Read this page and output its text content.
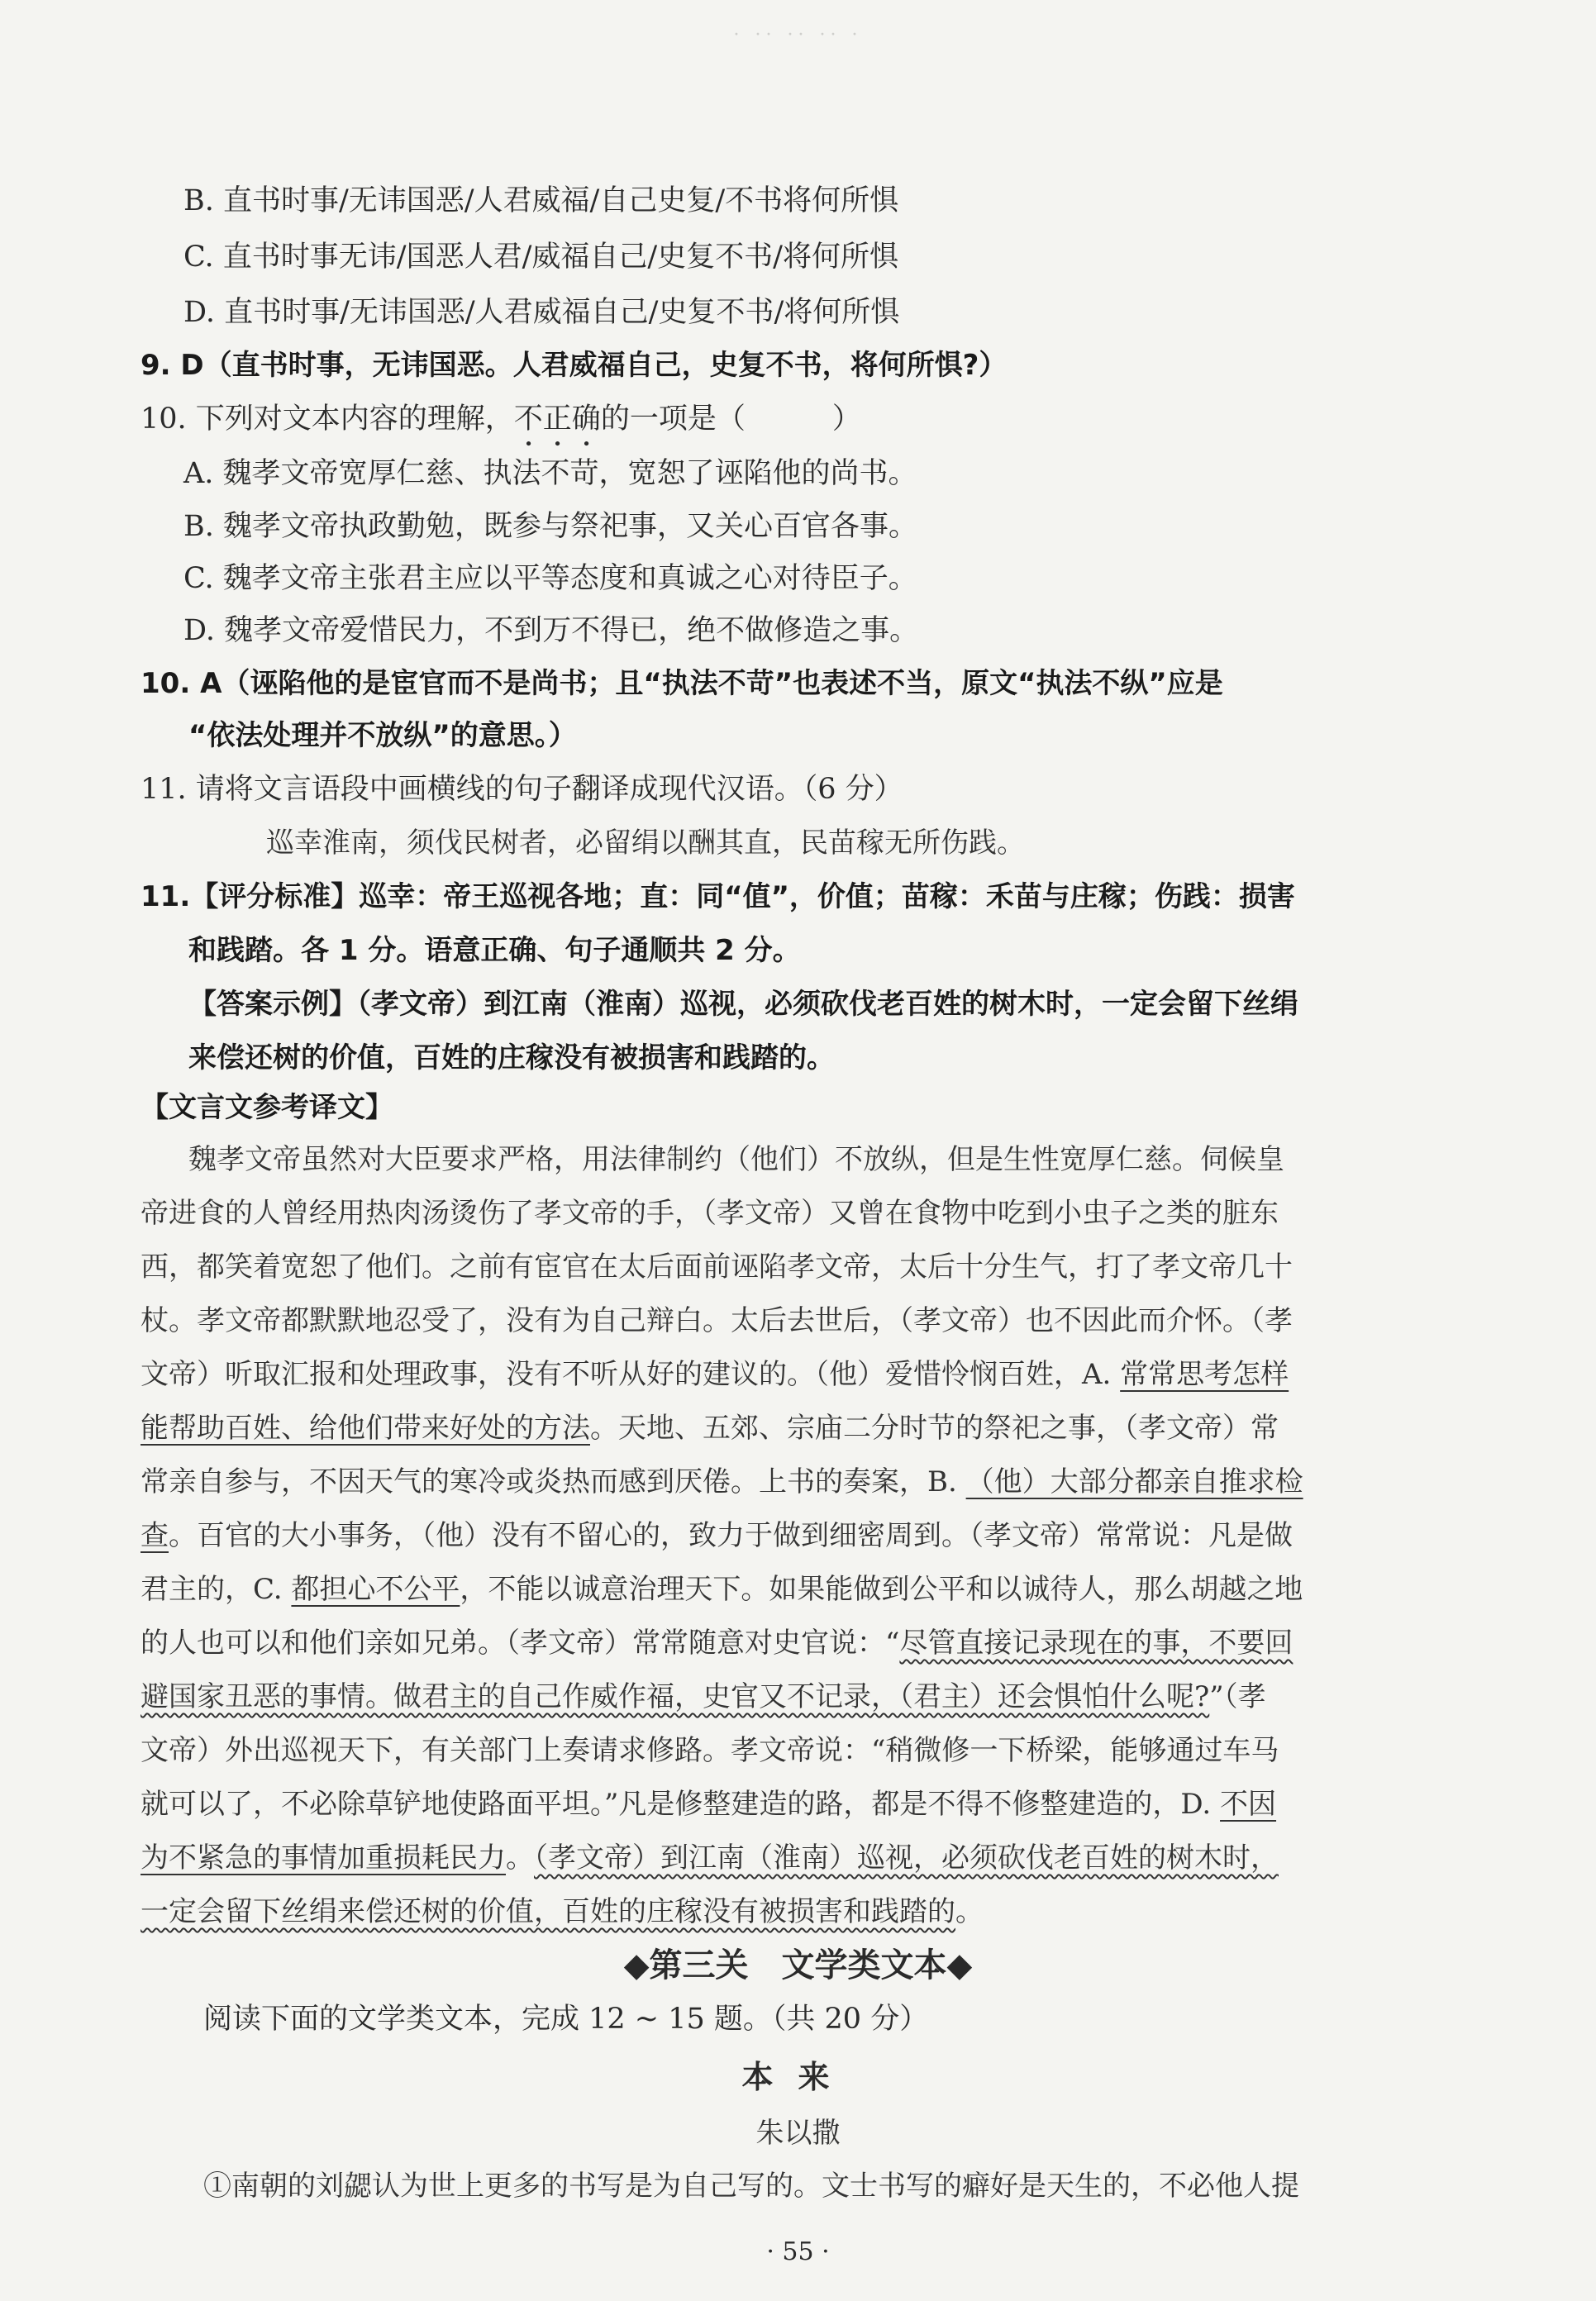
· ·· ·· ·· ·
B. 直书时事/无讳国恶/人君威福/自己史复/不书将何所惧
C. 直书时事无讳/国恶人君/威福自己/史复不书/将何所惧
D. 直书时事/无讳国恶/人君威福自己/史复不书/将何所惧
9. D（直书时事，无讳国恶。人君威福自己，史复不书，将何所惧?）
10. 下列对文本内容的理解，不正确的一项是（　　　）
A. 魏孝文帝宽厚仁慈、执法不苛，宽恕了诬陷他的尚书。
B. 魏孝文帝执政勤勉，既参与祭祀事，又关心百官各事。
C. 魏孝文帝主张君主应以平等态度和真诚之心对待臣子。
D. 魏孝文帝爱惜民力，不到万不得已，绝不做修造之事。
10. A（诬陷他的是宦官而不是尚书；且“执法不苛”也表述不当，原文“执法不纵”应是
“依法处理并不放纵”的意思。）
11. 请将文言语段中画横线的句子翻译成现代汉语。（6 分）
巡幸淮南，须伐民树者，必留绢以酬其直，民苗稼无所伤践。
11.【评分标准】巡幸：帝王巡视各地；直：同“值”，价值；苗稼：禾苗与庄稼；伤践：损害
和践踏。各 1 分。语意正确、句子通顺共 2 分。
【答案示例】（孝文帝）到江南（淮南）巡视，必须砍伐老百姓的树木时，一定会留下丝绢
来偿还树的价值，百姓的庄稼没有被损害和践踏的。
【文言文参考译文】
魏孝文帝虽然对大臣要求严格，用法律制约（他们）不放纵，但是生性宽厚仁慈。伺候皇
帝进食的人曾经用热肉汤烫伤了孝文帝的手，（孝文帝）又曾在食物中吃到小虫子之类的脏东
西，都笑着宽恕了他们。之前有宦官在太后面前诬陷孝文帝，太后十分生气，打了孝文帝几十
杖。孝文帝都默默地忍受了，没有为自己辩白。太后去世后，（孝文帝）也不因此而介怀。（孝
文帝）听取汇报和处理政事，没有不听从好的建议的。（他）爱惜怜悯百姓，A. 常常思考怎样
能帮助百姓、给他们带来好处的方法。天地、五郊、宗庙二分时节的祭祀之事，（孝文帝）常
常亲自参与，不因天气的寒冷或炎热而感到厌倦。上书的奏案，B. （他）大部分都亲自推求检
查。百官的大小事务，（他）没有不留心的，致力于做到细密周到。（孝文帝）常常说：凡是做
君主的，C. 都担心不公平，不能以诚意治理天下。如果能做到公平和以诚待人，那么胡越之地
的人也可以和他们亲如兄弟。（孝文帝）常常随意对史官说：“尽管直接记录现在的事，不要回
避国家丑恶的事情。做君主的自己作威作福，史官又不记录，（君主）还会惧怕什么呢?”（孝
文帝）外出巡视天下，有关部门上奏请求修路。孝文帝说：“稍微修一下桥梁，能够通过车马
就可以了，不必除草铲地使路面平坦。”凡是修整建造的路，都是不得不修整建造的，D. 不因
为不紧急的事情加重损耗民力。（孝文帝）到江南（淮南）巡视，必须砍伐老百姓的树木时，
一定会留下丝绢来偿还树的价值，百姓的庄稼没有被损害和践踏的。
◆第三关　文学类文本◆
阅读下面的文学类文本，完成 12 ~ 15 题。（共 20 分）
本来
朱以撒
①南朝的刘勰认为世上更多的书写是为自己写的。文士书写的癖好是天生的，不必他人提
· 55 ·
